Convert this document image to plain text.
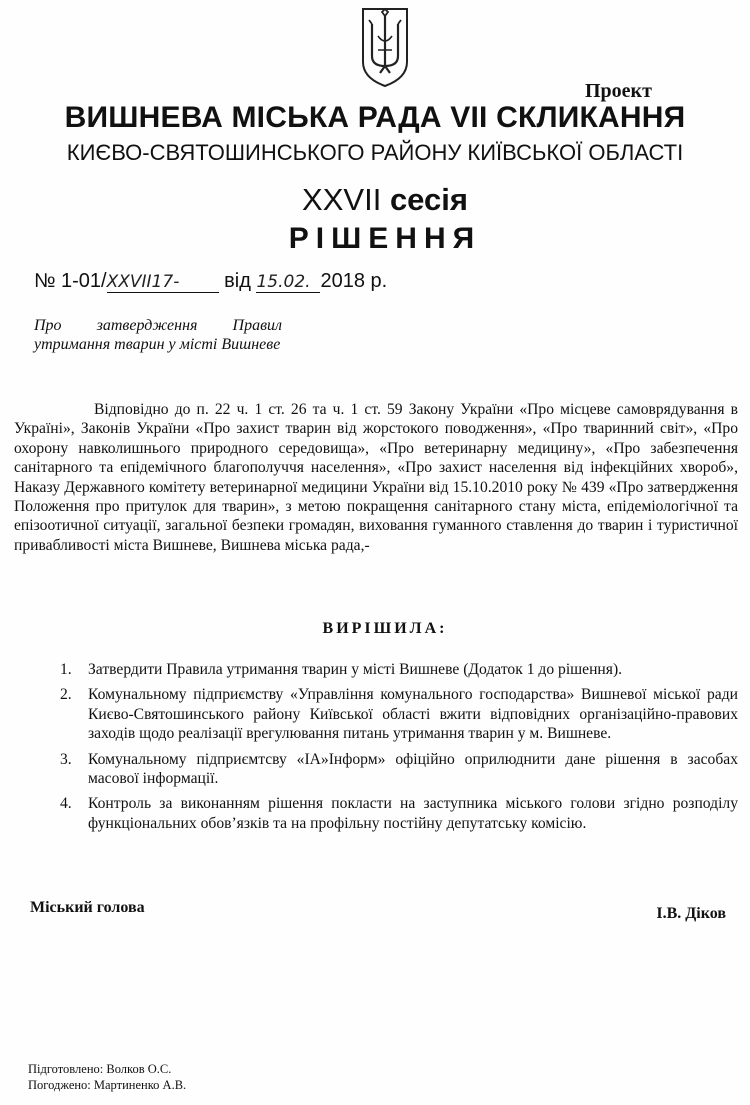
Проект
ВИШНЕВА МІСЬКА РАДА VII СКЛИКАННЯ
КИЄВО-СВЯТОШИНСЬКОГО РАЙОНУ КИЇВСЬКОЇ ОБЛАСТІ
XXVII сесія
РІШЕННЯ
№ 1-01/XXVII17- від 15.02. 2018 р.
Про затвердження Правил утримання тварин у місті Вишневе
Відповідно до п. 22 ч. 1 ст. 26 та ч. 1 ст. 59 Закону України «Про місцеве самоврядування в Україні», Законів України «Про захист тварин від жорстокого поводження», «Про тваринний світ», «Про охорону навколишнього природного середовища», «Про ветеринарну медицину», «Про забезпечення санітарного та епідемічного благополуччя населення», «Про захист населення від інфекційних хвороб», Наказу Державного комітету ветеринарної медицини України від 15.10.2010 року № 439 «Про затвердження Положення про притулок для тварин», з метою покращення санітарного стану міста, епідеміологічної та епізоотичної ситуації, загальної безпеки громадян, виховання гуманного ставлення до тварин і туристичної привабливості міста Вишневе, Вишнева міська рада,-
ВИРІШИЛА:
1. Затвердити Правила утримання тварин у місті Вишневе (Додаток 1 до рішення).
2. Комунальному підприємству «Управління комунального господарства» Вишневої міської ради Києво-Святошинського району Київської області вжити відповідних організаційно-правових заходів щодо реалізації врегулювання питань утримання тварин у м. Вишневе.
3. Комунальному підприємтсву «ІА»Інформ» офіційно оприлюднити дане рішення в засобах масової інформації.
4. Контроль за виконанням рішення покласти на заступника міського голови згідно розподілу функціональних обов’язків та на профільну постійну депутатську комісію.
Міський голова	І.В. Діков
Підготовлено: Волков О.С.
Погоджено: Мартиненко А.В.
